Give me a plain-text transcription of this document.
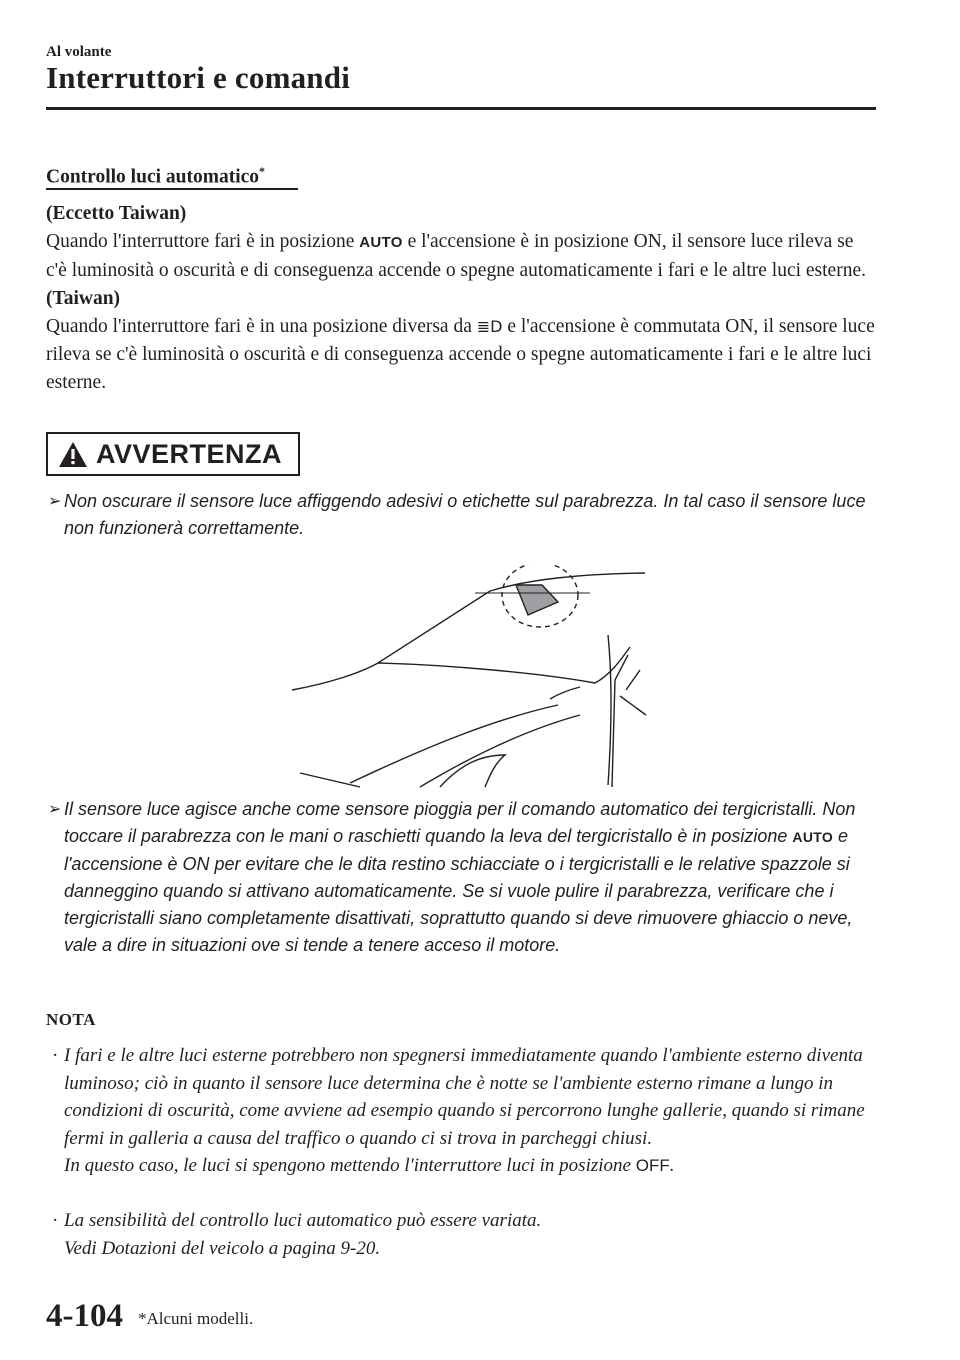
Al volante
Interruttori e comandi
Controllo luci automatico*
(Eccetto Taiwan)
Quando l'interruttore fari è in posizione AUTO e l'accensione è in posizione ON, il sensore luce rileva se c'è luminosità o oscurità e di conseguenza accende o spegne automaticamente i fari e le altre luci esterne.
(Taiwan)
Quando l'interruttore fari è in una posizione diversa da ≣D e l'accensione è commutata ON, il sensore luce rileva se c'è luminosità o oscurità e di conseguenza accende o spegne automaticamente i fari e le altre luci esterne.
AVVERTENZA
➢ Non oscurare il sensore luce affiggendo adesivi o etichette sul parabrezza. In tal caso il sensore luce non funzionerà correttamente.
➢ Il sensore luce agisce anche come sensore pioggia per il comando automatico dei tergicristalli. Non toccare il parabrezza con le mani o raschietti quando la leva del tergicristallo è in posizione AUTO e l'accensione è ON per evitare che le dita restino schiacciate o i tergicristalli e le relative spazzole si danneggino quando si attivano automaticamente. Se si vuole pulire il parabrezza, verificare che i tergicristalli siano completamente disattivati, soprattutto quando si deve rimuovere ghiaccio o neve, vale a dire in situazioni ove si tende a tenere acceso il motore.
NOTA
· I fari e le altre luci esterne potrebbero non spegnersi immediatamente quando l'ambiente esterno diventa luminoso; ciò in quanto il sensore luce determina che è notte se l'ambiente esterno rimane a lungo in condizioni di oscurità, come avviene ad esempio quando si percorrono lunghe gallerie, quando si rimane fermi in galleria a causa del traffico o quando ci si trova in parcheggi chiusi.
In questo caso, le luci si spengono mettendo l'interruttore luci in posizione OFF.
· La sensibilità del controllo luci automatico può essere variata.
Vedi Dotazioni del veicolo a pagina 9-20.
4-104 *Alcuni modelli.
